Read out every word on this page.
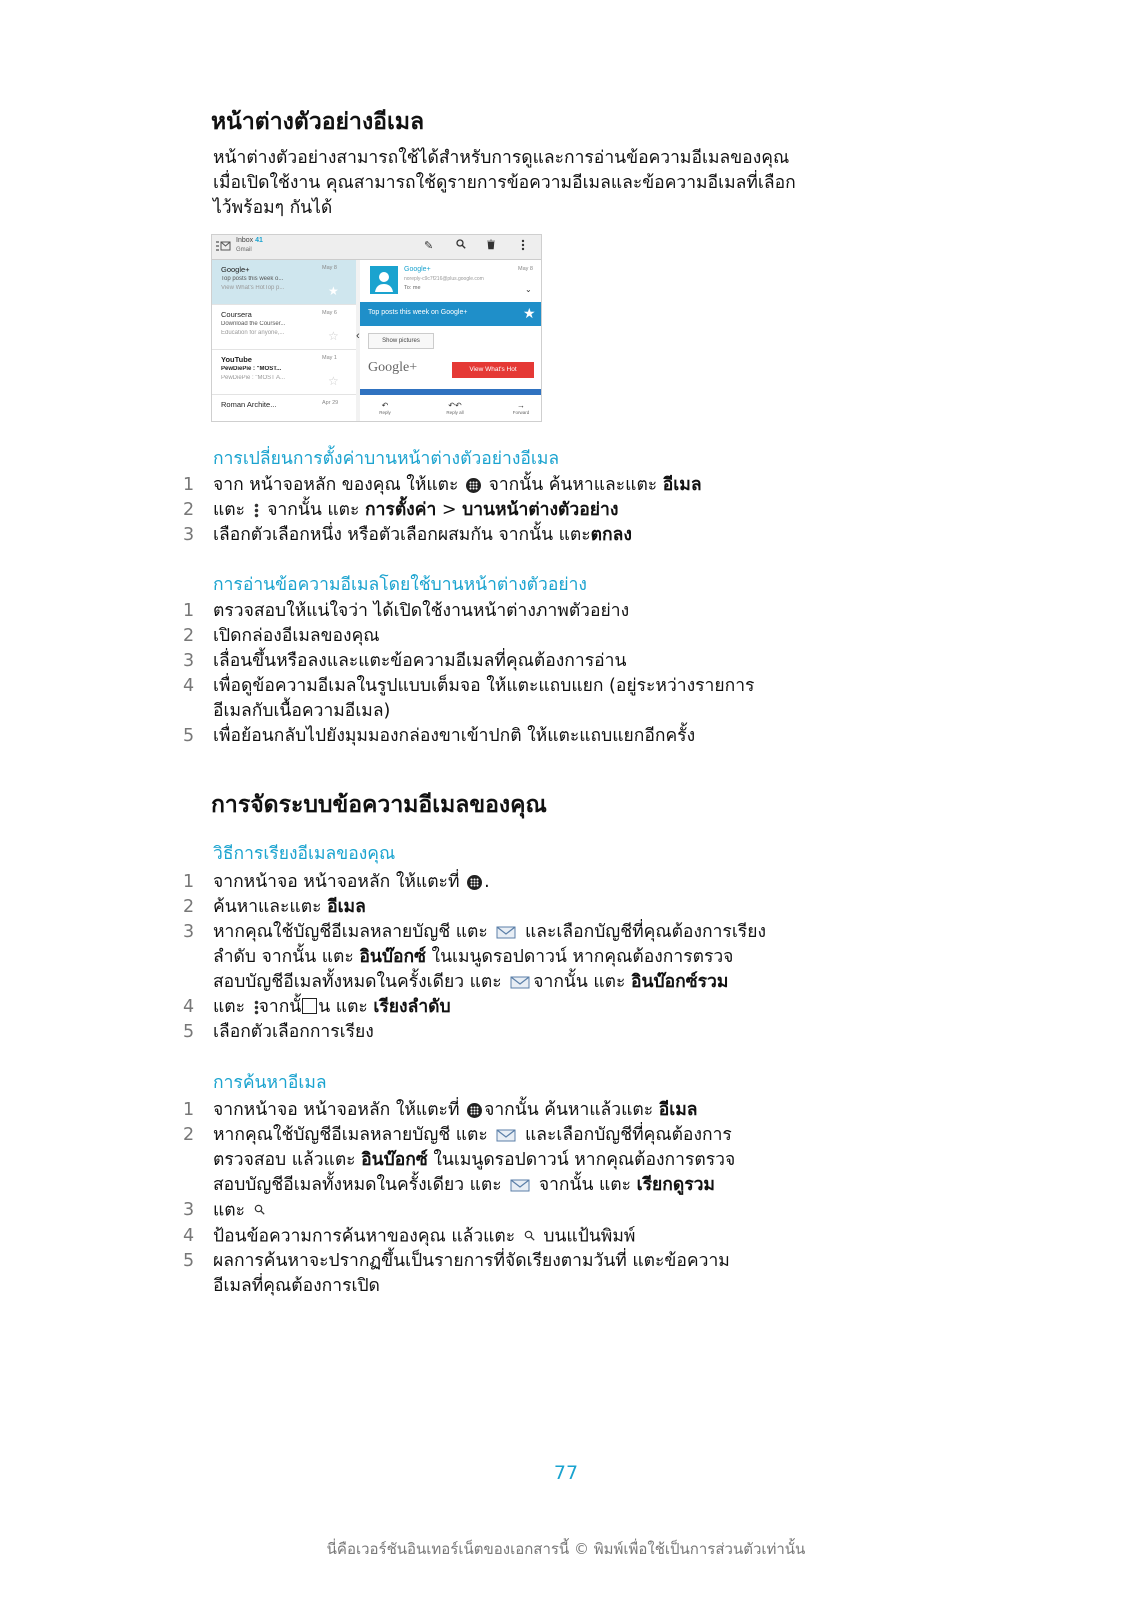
หน้าต่างตัวอย่างอีเมล
หน้าต่างตัวอย่างสามารถใช้ได้สำหรับการดูและการอ่านข้อความอีเมลของคุณ
เมื่อเปิดใช้งาน คุณสามารถใช้ดูรายการข้อความอีเมลและข้อความอีเมลที่เลือก
ไว้พร้อมๆ กันได้
Inbox 41
Gmail	✎
Google+	May 8
Top posts this week o...
View What's HotTop p...	★
Coursera	May 6
Download the Courser...
Education for anyone,...	☆
YouTube	May 1
PewDiePie : "MOST...
PewDiePie : "MOST A...	☆
Roman Archite...	Apr 29
‹
Google+	May 8
noreply-c9c7f216@plus.google.com
To: me	⌄
Top posts this week on Google+	★
Show pictures
Google+	View What's Hot
↶
Reply
↶↶
Reply all
→
Forward
การเปลี่ยนการตั้งค่าบานหน้าต่างตัวอย่างอีเมล
1 จาก หน้าจอหลัก ของคุณ ให้แตะ จากนั้น ค้นหาและแตะ อีเมล
2 แตะ จากนั้น แตะ การตั้งค่า > บานหน้าต่างตัวอย่าง
3 เลือกตัวเลือกหนึ่ง หรือตัวเลือกผสมกัน จากนั้น แตะตกลง
การอ่านข้อความอีเมลโดยใช้บานหน้าต่างตัวอย่าง
1 ตรวจสอบให้แน่ใจว่า ได้เปิดใช้งานหน้าต่างภาพตัวอย่าง
2 เปิดกล่องอีเมลของคุณ
3 เลื่อนขึ้นหรือลงและแตะข้อความอีเมลที่คุณต้องการอ่าน
4 เพื่อดูข้อความอีเมลในรูปแบบเต็มจอ ให้แตะแถบแยก (อยู่ระหว่างรายการ
อีเมลกับเนื้อความอีเมล)
5 เพื่อย้อนกลับไปยังมุมมองกล่องขาเข้าปกติ ให้แตะแถบแยกอีกครั้ง
การจัดระบบข้อความอีเมลของคุณ
วิธีการเรียงอีเมลของคุณ
1 จากหน้าจอ หน้าจอหลัก ให้แตะที่ .
2 ค้นหาและแตะ อีเมล
3 หากคุณใช้บัญชีอีเมลหลายบัญชี แตะ และเลือกบัญชีที่คุณต้องการเรียง
ลำดับ จากนั้น แตะ อินบ๊อกซ์ ในเมนูดรอปดาวน์ หากคุณต้องการตรวจ
สอบบัญชีอีเมลทั้งหมดในครั้งเดียว แตะ จากนั้น แตะ อินบ๊อกซ์รวม
4 แตะ จากนั้ น แตะ เรียงลำดับ
5 เลือกตัวเลือกการเรียง
การค้นหาอีเมล
1 จากหน้าจอ หน้าจอหลัก ให้แตะที่ จากนั้น ค้นหาแล้วแตะ อีเมล
2 หากคุณใช้บัญชีอีเมลหลายบัญชี แตะ และเลือกบัญชีที่คุณต้องการ
ตรวจสอบ แล้วแตะ อินบ๊อกซ์ ในเมนูดรอปดาวน์ หากคุณต้องการตรวจ
สอบบัญชีอีเมลทั้งหมดในครั้งเดียว แตะ จากนั้น แตะ เรียกดูรวม
3 แตะ
4 ป้อนข้อความการค้นหาของคุณ แล้วแตะ บนแป้นพิมพ์
5 ผลการค้นหาจะปรากฏขึ้นเป็นรายการที่จัดเรียงตามวันที่ แตะข้อความ
อีเมลที่คุณต้องการเปิด
77
นี่คือเวอร์ชันอินเทอร์เน็ตของเอกสารนี้ © พิมพ์เพื่อใช้เป็นการส่วนตัวเท่านั้น
